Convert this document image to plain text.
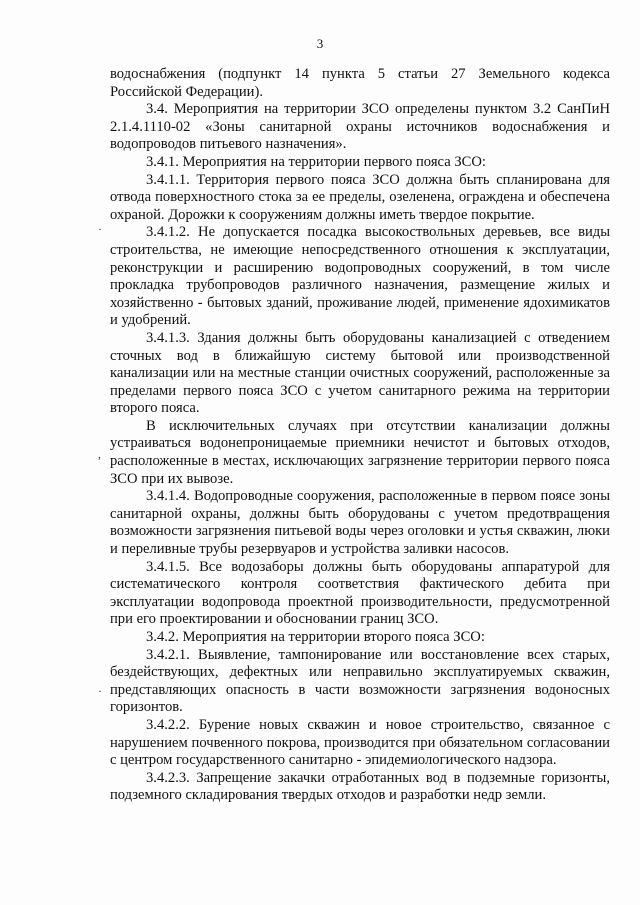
3

водоснабжения (подпункт 14 пункта 5 статьи 27 Земельного кодекса Российской Федерации).

3.4. Мероприятия на территории ЗСО определены пунктом 3.2 СанПиН 2.1.4.1110-02 «Зоны санитарной охраны источников водоснабжения и водопроводов питьевого назначения».

3.4.1. Мероприятия на территории первого пояса ЗСО:

3.4.1.1. Территория первого пояса ЗСО должна быть спланирована для отвода поверхностного стока за ее пределы, озеленена, ограждена и обеспечена охраной. Дорожки к сооружениям должны иметь твердое покрытие.

3.4.1.2. Не допускается посадка высокоствольных деревьев, все виды строительства, не имеющие непосредственного отношения к эксплуатации, реконструкции и расширению водопроводных сооружений, в том числе прокладка трубопроводов различного назначения, размещение жилых и хозяйственно - бытовых зданий, проживание людей, применение ядохимикатов и удобрений.

3.4.1.3. Здания должны быть оборудованы канализацией с отведением сточных вод в ближайшую систему бытовой или производственной канализации или на местные станции очистных сооружений, расположенные за пределами первого пояса ЗСО с учетом санитарного режима на территории второго пояса.

В исключительных случаях при отсутствии канализации должны устраиваться водонепроницаемые приемники нечистот и бытовых отходов, расположенные в местах, исключающих загрязнение территории первого пояса ЗСО при их вывозе.

3.4.1.4. Водопроводные сооружения, расположенные в первом поясе зоны санитарной охраны, должны быть оборудованы с учетом предотвращения возможности загрязнения питьевой воды через оголовки и устья скважин, люки и переливные трубы резервуаров и устройства заливки насосов.

3.4.1.5. Все водозаборы должны быть оборудованы аппаратурой для систематического контроля соответствия фактического дебита при эксплуатации водопровода проектной производительности, предусмотренной при его проектировании и обосновании границ ЗСО.

3.4.2. Мероприятия на территории второго пояса ЗСО:

3.4.2.1. Выявление, тампонирование или восстановление всех старых, бездействующих, дефектных или неправильно эксплуатируемых скважин, представляющих опасность в части возможности загрязнения водоносных горизонтов.

3.4.2.2. Бурение новых скважин и новое строительство, связанное с нарушением почвенного покрова, производится при обязательном согласовании с центром государственного санитарно - эпидемиологического надзора.

3.4.2.3. Запрещение закачки отработанных вод в подземные горизонты, подземного складирования твердых отходов и разработки недр земли.

·
,
·
